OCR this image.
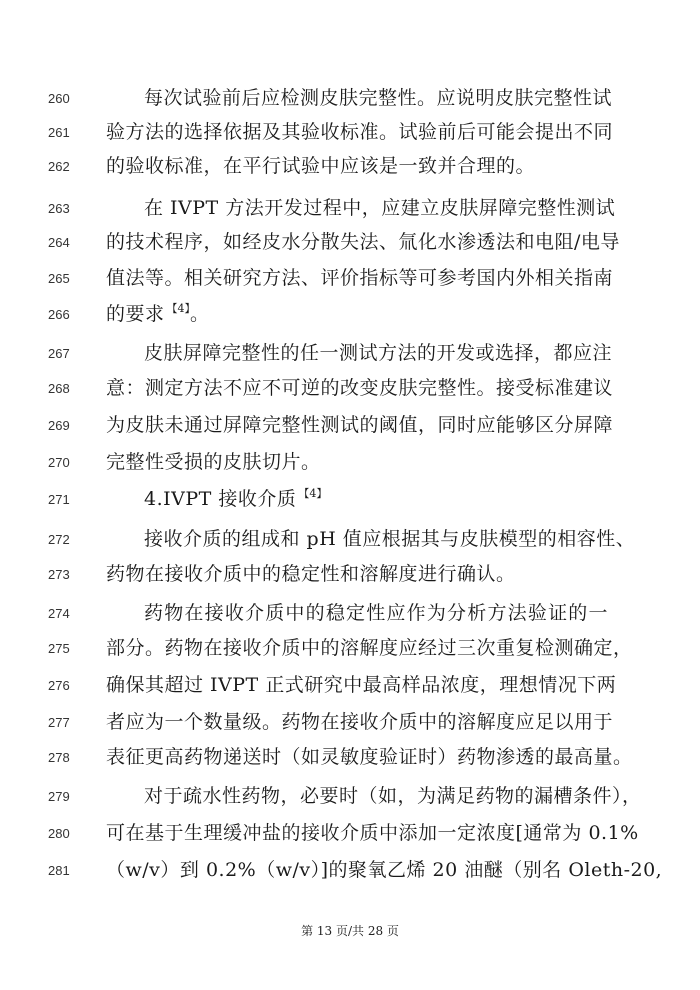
260	每次试验前后应检测皮肤完整性。应说明皮肤完整性试
261	验方法的选择依据及其验收标准。试验前后可能会提出不同
262	的验收标准，在平行试验中应该是一致并合理的。
263	在 IVPT 方法开发过程中，应建立皮肤屏障完整性测试
264	的技术程序，如经皮水分散失法、氚化水渗透法和电阻/电导
265	值法等。相关研究方法、评价指标等可参考国内外相关指南
266	的要求 $^{【4】}$。
267	皮肤屏障完整性的任一测试方法的开发或选择，都应注
268	意：测定方法不应不可逆的改变皮肤完整性。接受标准建议
269	为皮肤未通过屏障完整性测试的阈值，同时应能够区分屏障
270	完整性受损的皮肤切片。
271	4.IVPT 接收介质 $^{【4】}$
272	接收介质的组成和 pH 值应根据其与皮肤模型的相容性、
273	药物在接收介质中的稳定性和溶解度进行确认。
274	药物在接收介质中的稳定性应作为分析方法验证的一
275	部分。药物在接收介质中的溶解度应经过三次重复检测确定，
276	确保其超过 IVPT 正式研究中最高样品浓度，理想情况下两
277	者应为一个数量级。药物在接收介质中的溶解度应足以用于
278	表征更高药物递送时（如灵敏度验证时）药物渗透的最高量。
279	对于疏水性药物，必要时（如，为满足药物的漏槽条件），
280	可在基于生理缓冲盐的接收介质中添加一定浓度[通常为 0.1%
281	（w/v）到 0.2%（w/v）]的聚氧乙烯 20 油醚（别名 Oleth-20,
第 13 页/共 28 页
